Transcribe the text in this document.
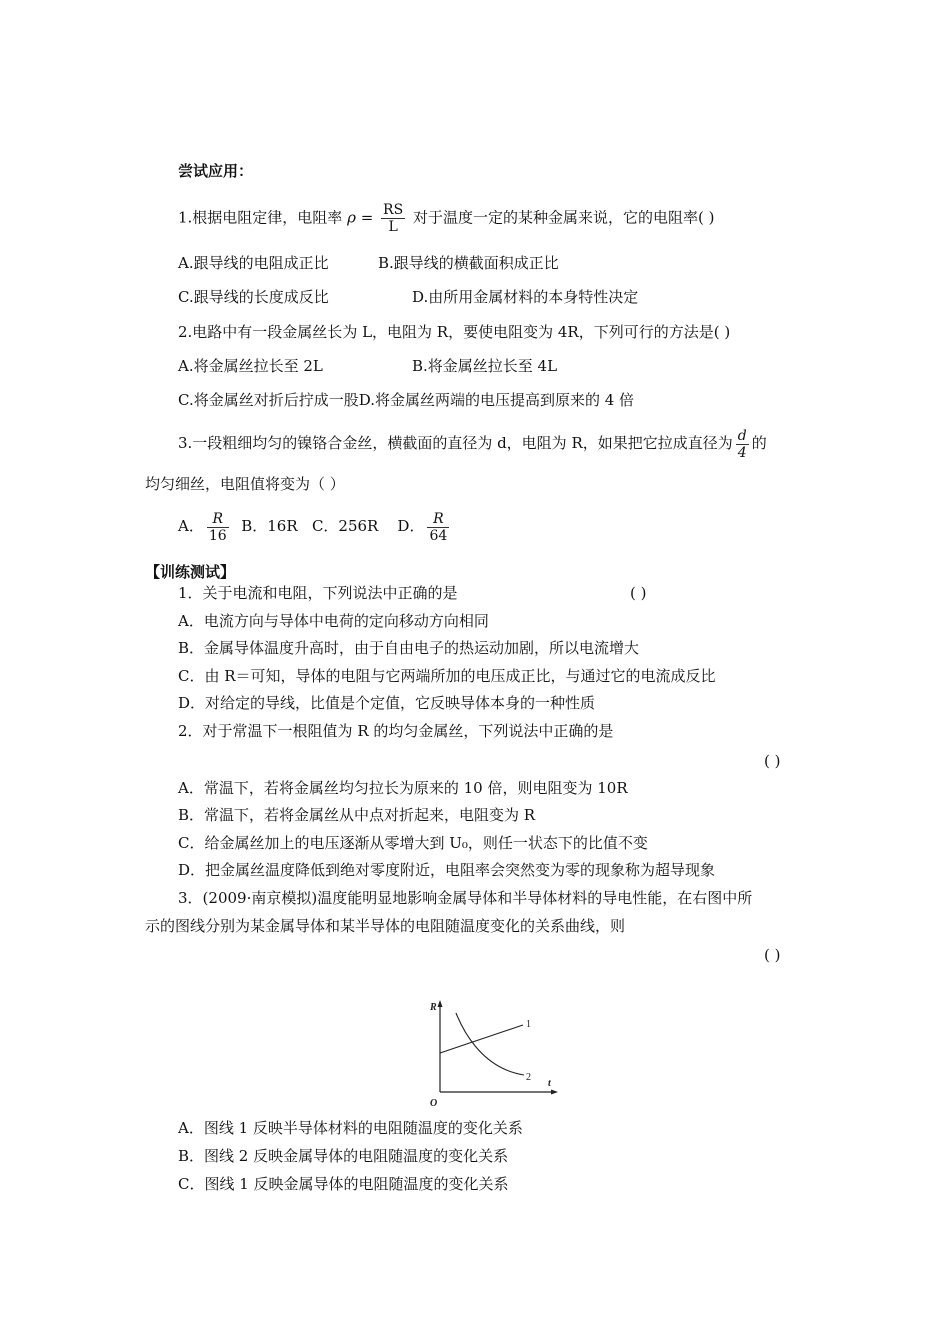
尝试应用：
1.根据电阻定律，电阻率 $\rho = \frac{RS}{L}$ 对于温度一定的某种金属来说，它的电阻率( )
A.跟导线的电阻成正比	B.跟导线的横截面积成正比
C.跟导线的长度成反比	D.由所用金属材料的本身特性决定
2.电路中有一段金属丝长为 L，电阻为 R，要使电阻变为 4R，下列可行的方法是( )
A.将金属丝拉长至 2L	B.将金属丝拉长至 4L
C.将金属丝对折后拧成一股D.将金属丝两端的电压提高到原来的 4 倍
3.一段粗细均匀的镍铬合金丝，横截面的直径为 d，电阻为 R，如果把它拉成直径为 $\frac{d}{4}$ 的
均匀细丝，电阻值将变为（ ）
A． $\frac{R}{16}$ B．16R C．256R D． $\frac{R}{64}$
【训练测试】
1．关于电流和电阻，下列说法中正确的是	( )
A．电流方向与导体中电荷的定向移动方向相同
B．金属导体温度升高时，由于自由电子的热运动加剧，所以电流增大
C．由 R＝可知，导体的电阻与它两端所加的电压成正比，与通过它的电流成反比
D．对给定的导线，比值是个定值，它反映导体本身的一种性质
2．对于常温下一根阻值为 R 的均匀金属丝，下列说法中正确的是
( )
A．常温下，若将金属丝均匀拉长为原来的 10 倍，则电阻变为 10R
B．常温下，若将金属丝从中点对折起来，电阻变为 R
C．给金属丝加上的电压逐渐从零增大到 U₀，则任一状态下的比值不变
D．把金属丝温度降低到绝对零度附近，电阻率会突然变为零的现象称为超导现象
3．(2009·南京模拟)温度能明显地影响金属导体和半导体材料的导电性能，在右图中所
示的图线分别为某金属导体和某半导体的电阻随温度变化的关系曲线，则
( )
R
t
O
1
2
A．图线 1 反映半导体材料的电阻随温度的变化关系
B．图线 2 反映金属导体的电阻随温度的变化关系
C．图线 1 反映金属导体的电阻随温度的变化关系
